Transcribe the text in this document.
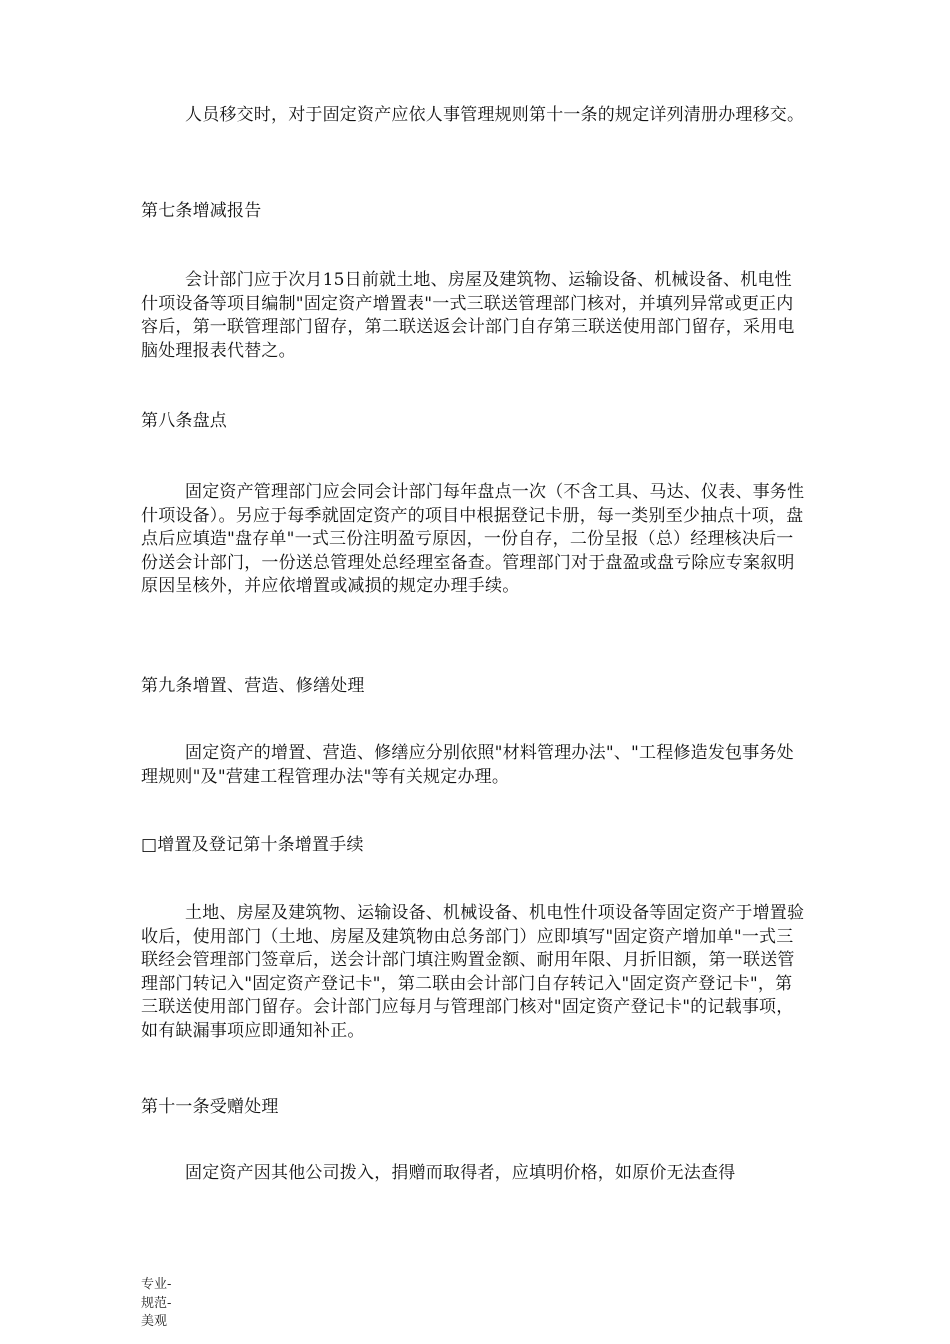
人员移交时，对于固定资产应依人事管理规则第十一条的规定详列清册办理移交。

第七条增减报告

会计部门应于次月15日前就土地、房屋及建筑物、运输设备、机械设备、机电性什项设备等项目编制"固定资产增置表"一式三联送管理部门核对，并填列异常或更正内容后，第一联管理部门留存，第二联送返会计部门自存第三联送使用部门留存，采用电脑处理报表代替之。

第八条盘点

固定资产管理部门应会同会计部门每年盘点一次（不含工具、马达、仪表、事务性什项设备）。另应于每季就固定资产的项目中根据登记卡册，每一类别至少抽点十项，盘点后应填造"盘存单"一式三份注明盈亏原因，一份自存，二份呈报（总）经理核决后一份送会计部门，一份送总管理处总经理室备查。管理部门对于盘盈或盘亏除应专案叙明原因呈核外，并应依增置或减损的规定办理手续。

第九条增置、营造、修缮处理

固定资产的增置、营造、修缮应分别依照"材料管理办法"、"工程修造发包事务处理规则"及"营建工程管理办法"等有关规定办理。

□增置及登记第十条增置手续

土地、房屋及建筑物、运输设备、机械设备、机电性什项设备等固定资产于增置验收后，使用部门（土地、房屋及建筑物由总务部门）应即填写"固定资产增加单"一式三联经会管理部门签章后，送会计部门填注购置金额、耐用年限、月折旧额，第一联送管理部门转记入"固定资产登记卡"，第二联由会计部门自存转记入"固定资产登记卡"，第三联送使用部门留存。会计部门应每月与管理部门核对"固定资产登记卡"的记载事项，如有缺漏事项应即通知补正。

第十一条受赠处理

固定资产因其他公司拨入，捐赠而取得者，应填明价格，如原价无法查得

专业-
规范-
美观
